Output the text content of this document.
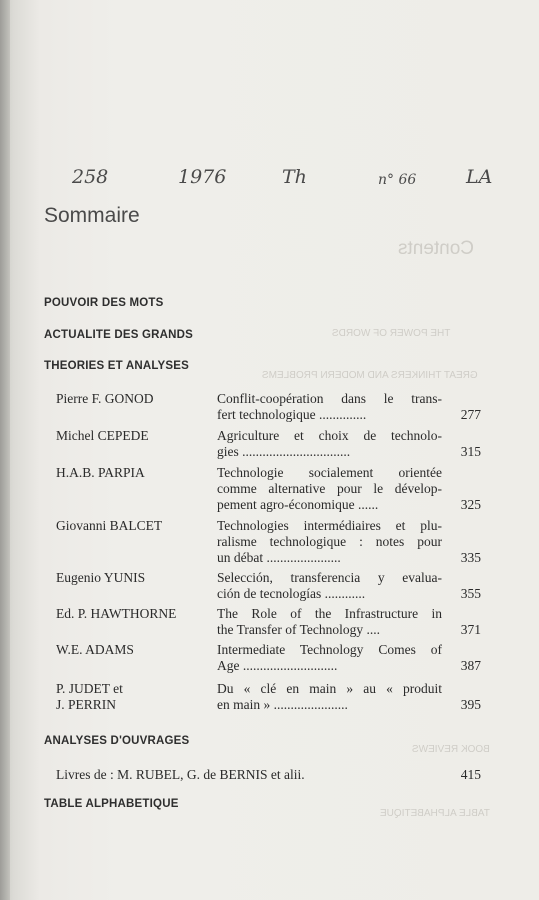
Contents
THE POWER OF WORDS
GREAT THINKERS AND MODERN PROBLEMS
BOOK REVIEWS
TABLE ALPHABETIQUE
258	1976	Th	n° 66	LA
Sommaire
POUVOIR DES MOTS
ACTUALITE DES GRANDS
THEORIES ET ANALYSES
Pierre F. GONOD	Conflit-coopération dans le trans-
fert technologique ..............	277
Michel CEPEDE	Agriculture et choix de technolo-
gies ................................	315
H.A.B. PARPIA	Technologie socialement orientée
comme alternative pour le dévelop-
pement agro-économique ......	325
Giovanni BALCET	Technologies intermédiaires et plu-
ralisme technologique : notes pour
un débat ......................	335
Eugenio YUNIS	Selección, transferencia y evalua-
ción de tecnologías ............	355
Ed. P. HAWTHORNE	The Role of the Infrastructure in
the Transfer of Technology ....	371
W.E. ADAMS	Intermediate Technology Comes of
Age ............................	387
P. JUDET et
J. PERRIN
Du « clé en main » au « produit
en main » ......................	395
ANALYSES D'OUVRAGES
Livres de : M. RUBEL, G. de BERNIS et alii.	415
TABLE ALPHABETIQUE
